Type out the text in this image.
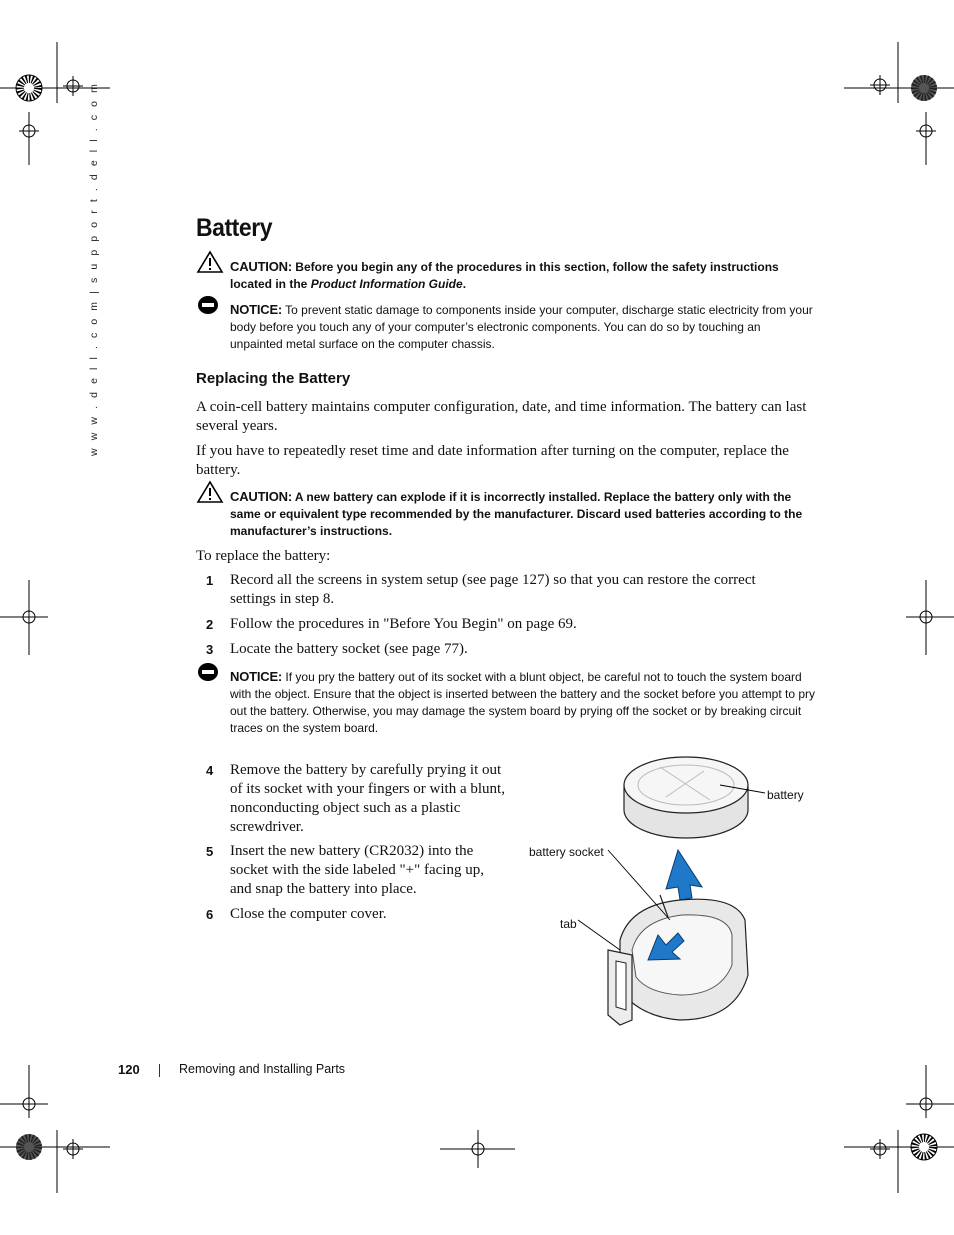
w w w . d e l l . c o m | s u p p o r t . d e l l . c o m	Battery
CAUTION: Before you begin any of the procedures in this section, follow the safety instructions located in the Product Information Guide.
NOTICE: To prevent static damage to components inside your computer, discharge static electricity from your body before you touch any of your computer’s electronic components. You can do so by touching an unpainted metal surface on the computer chassis.
Replacing the Battery
A coin-cell battery maintains computer configuration, date, and time information. The battery can last several years.
If you have to repeatedly reset time and date information after turning on the computer, replace the battery.
CAUTION: A new battery can explode if it is incorrectly installed. Replace the battery only with the same or equivalent type recommended by the manufacturer. Discard used batteries according to the manufacturer’s instructions.
To replace the battery:
1 Record all the screens in system setup (see page 127) so that you can restore the correct settings in step 8.
2 Follow the procedures in "Before You Begin" on page 69.
3 Locate the battery socket (see page 77).
NOTICE: If you pry the battery out of its socket with a blunt object, be careful not to touch the system board with the object. Ensure that the object is inserted between the battery and the socket before you attempt to pry out the battery. Otherwise, you may damage the system board by prying off the socket or by breaking circuit traces on the system board.
4 Remove the battery by carefully prying it out of its socket with your fingers or with a blunt, nonconducting object such as a plastic screwdriver.
5 Insert the new battery (CR2032) into the socket with the side labeled "+" facing up, and snap the battery into place.
6 Close the computer cover.
battery
battery socket
tab
120	Removing and Installing Parts
